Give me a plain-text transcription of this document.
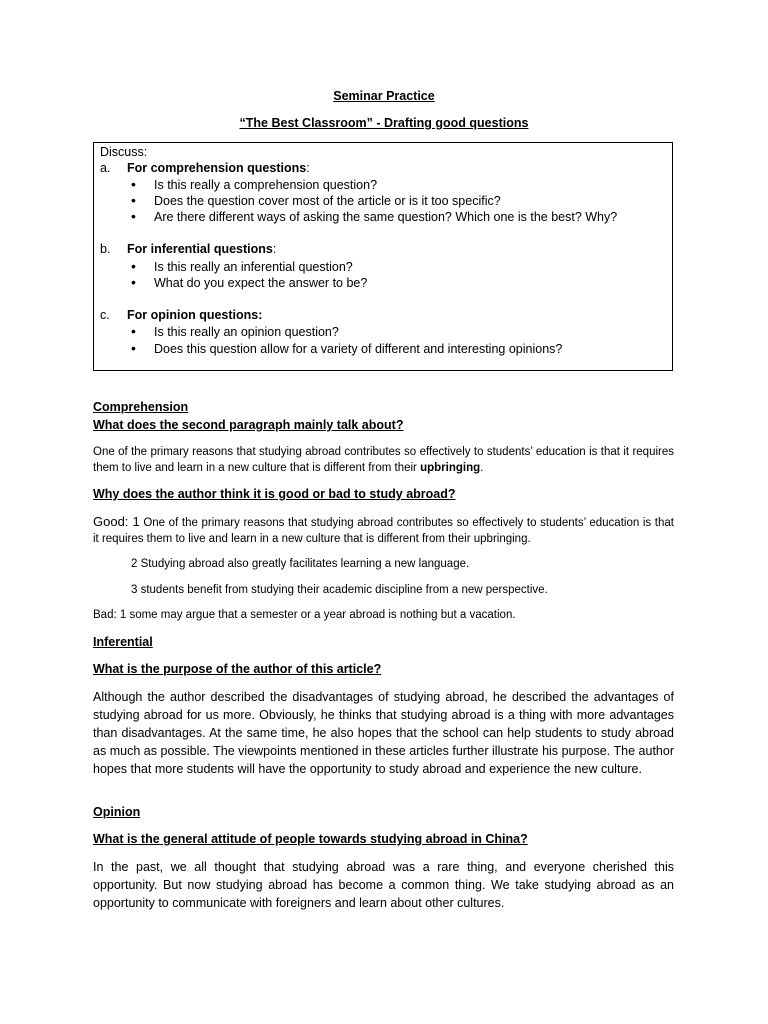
Seminar Practice
“The Best Classroom” - Drafting good questions
Discuss:
a. For comprehension questions:
• Is this really a comprehension question?
• Does the question cover most of the article or is it too specific?
• Are there different ways of asking the same question? Which one is the best? Why?
b. For inferential questions:
• Is this really an inferential question?
• What do you expect the answer to be?
c. For opinion questions:
• Is this really an opinion question?
• Does this question allow for a variety of different and interesting opinions?
Comprehension
What does the second paragraph mainly talk about?
One of the primary reasons that studying abroad contributes so effectively to students’ education is that it requires them to live and learn in a new culture that is different from their upbringing.
Why does the author think it is good or bad to study abroad?
Good: 1 One of the primary reasons that studying abroad contributes so effectively to students’ education is that it requires them to live and learn in a new culture that is different from their upbringing.
2 Studying abroad also greatly facilitates learning a new language.
3 students benefit from studying their academic discipline from a new perspective.
Bad: 1 some may argue that a semester or a year abroad is nothing but a vacation.
Inferential
What is the purpose of the author of this article?
Although the author described the disadvantages of studying abroad, he described the advantages of studying abroad for us more. Obviously, he thinks that studying abroad is a thing with more advantages than disadvantages. At the same time, he also hopes that the school can help students to study abroad as much as possible. The viewpoints mentioned in these articles further illustrate his purpose. The author hopes that more students will have the opportunity to study abroad and experience the new culture.
Opinion
What is the general attitude of people towards studying abroad in China?
In the past, we all thought that studying abroad was a rare thing, and everyone cherished this opportunity. But now studying abroad has become a common thing. We take studying abroad as an opportunity to communicate with foreigners and learn about other cultures.
